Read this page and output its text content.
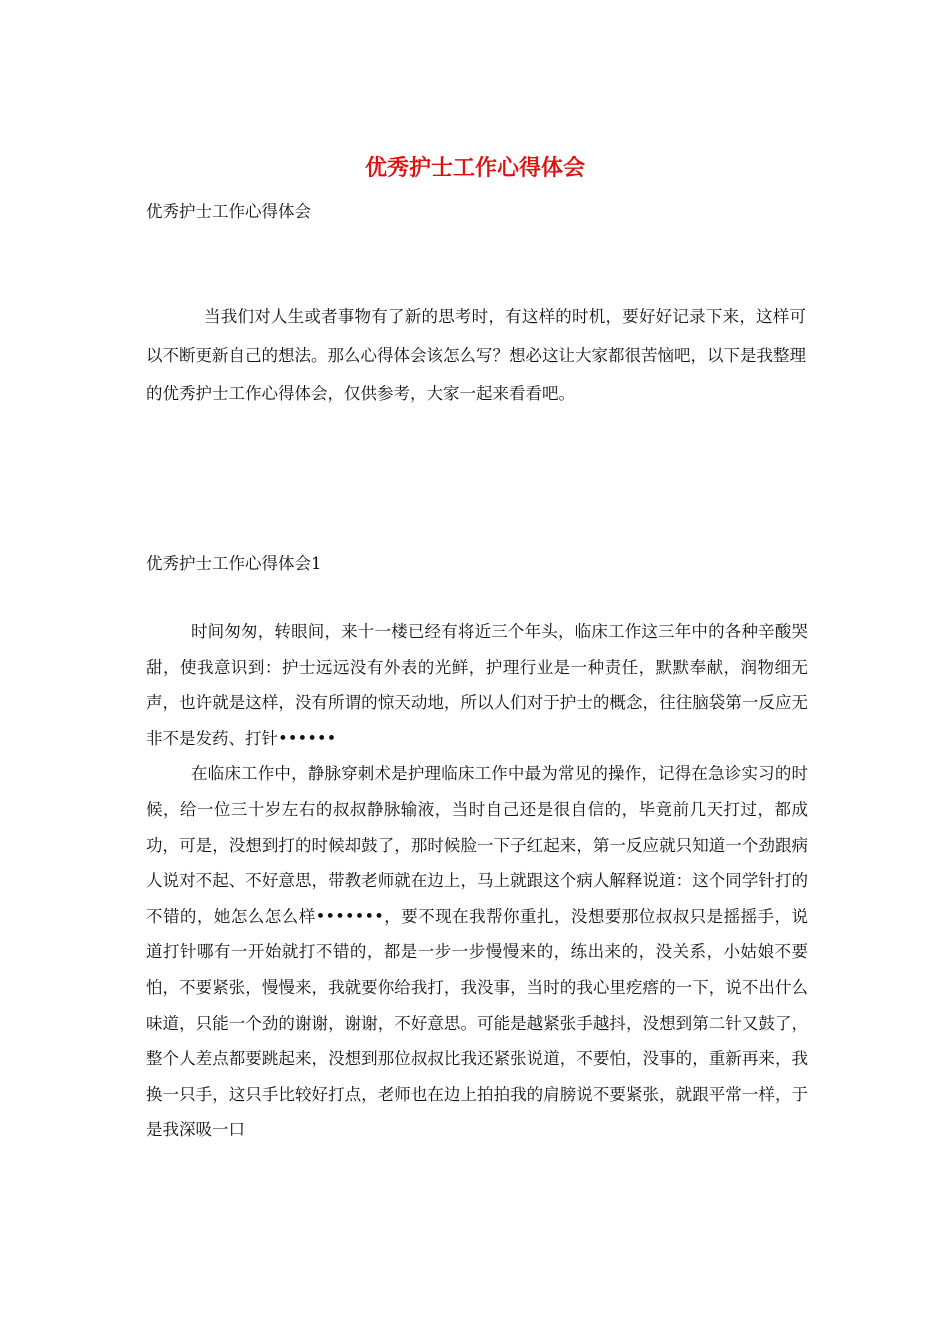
优秀护士工作心得体会

优秀护士工作心得体会

当我们对人生或者事物有了新的思考时，有这样的时机，要好好记录下来，这样可以不断更新自己的想法。那么心得体会该怎么写？想必这让大家都很苦恼吧，以下是我整理的优秀护士工作心得体会，仅供参考，大家一起来看看吧。

优秀护士工作心得体会1

时间匆匆，转眼间，来十一楼已经有将近三个年头，临床工作这三年中的各种辛酸哭甜，使我意识到：护士远远没有外表的光鲜，护理行业是一种责任，默默奉献，润物细无声，也许就是这样，没有所谓的惊天动地，所以人们对于护士的概念，往往脑袋第一反应无非不是发药、打针••••••

在临床工作中，静脉穿刺术是护理临床工作中最为常见的操作，记得在急诊实习的时候，给一位三十岁左右的叔叔静脉输液，当时自己还是很自信的，毕竟前几天打过，都成功，可是，没想到打的时候却鼓了，那时候脸一下子红起来，第一反应就只知道一个劲跟病人说对不起、不好意思，带教老师就在边上，马上就跟这个病人解释说道：这个同学针打的不错的，她怎么怎么样•••••••，要不现在我帮你重扎，没想要那位叔叔只是摇摇手，说道打针哪有一开始就打不错的，都是一步一步慢慢来的，练出来的，没关系，小姑娘不要怕，不要紧张，慢慢来，我就要你给我打，我没事，当时的我心里疙瘩的一下，说不出什么味道，只能一个劲的谢谢，谢谢，不好意思。可能是越紧张手越抖，没想到第二针又鼓了，整个人差点都要跳起来，没想到那位叔叔比我还紧张说道，不要怕，没事的，重新再来，我换一只手，这只手比较好打点，老师也在边上拍拍我的肩膀说不要紧张，就跟平常一样，于是我深吸一口
